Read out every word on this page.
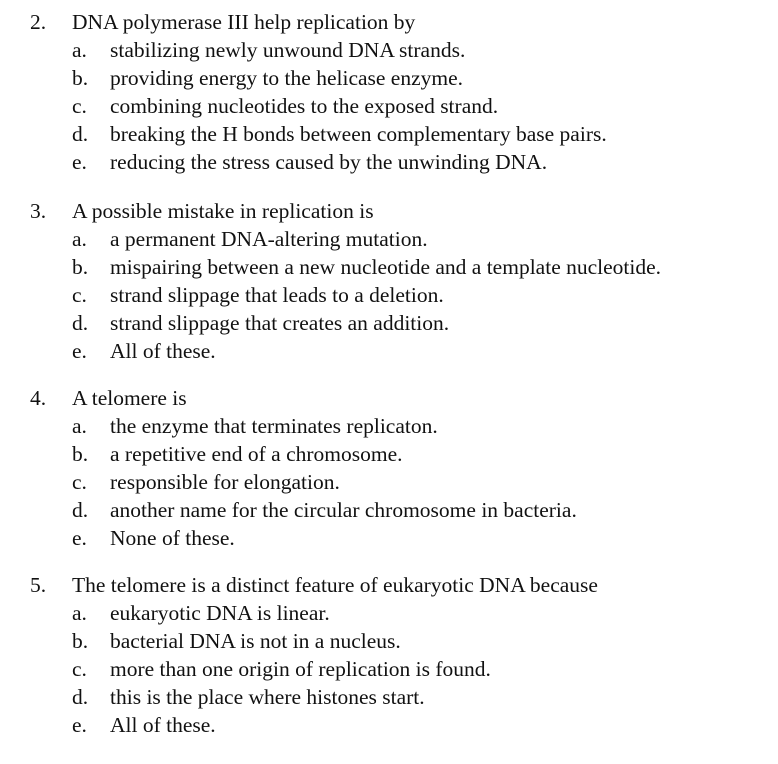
2. DNA polymerase III help replication by
a.	stabilizing newly unwound DNA strands.
b.	providing energy to the helicase enzyme.
c.	combining nucleotides to the exposed strand.
d.	breaking the H bonds between complementary base pairs.
e.	reducing the stress caused by the unwinding DNA.
3. A possible mistake in replication is
a.	a permanent DNA-altering mutation.
b.	mispairing between a new nucleotide and a template nucleotide.
c.	strand slippage that leads to a deletion.
d.	strand slippage that creates an addition.
e.	All of these.
4. A telomere is
a.	the enzyme that terminates replicaton.
b.	a repetitive end of a chromosome.
c.	responsible for elongation.
d.	another name for the circular chromosome in bacteria.
e.	None of these.
5. The telomere is a distinct feature of eukaryotic DNA because
a.	eukaryotic DNA is linear.
b.	bacterial DNA is not in a nucleus.
c.	more than one origin of replication is found.
d.	this is the place where histones start.
e.	All of these.
